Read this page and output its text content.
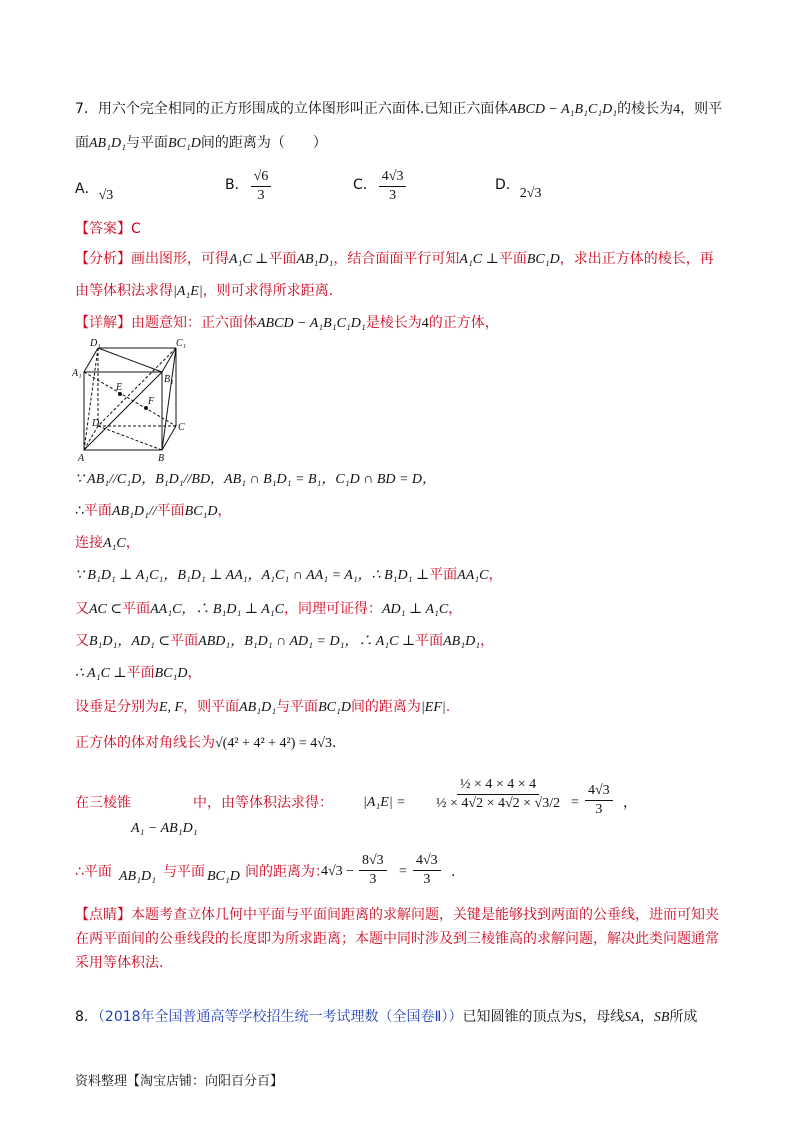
7．用六个完全相同的正方形围成的立体图形叫正六面体.已知正六面体ABCD − A₁B₁C₁D₁的棱长为4，则平
面AB₁D₁与平面BC₁D间的距离为（　　）
A．√3
B． $\frac{√6}{3}$	C． $\frac{4√3}{3}$	D．2√3
【答案】C
【分析】画出图形，可得A₁C ⊥平面AB₁D₁，结合面面平行可知A₁C ⊥平面BC₁D，求出正方体的棱长，再
由等体积法求得|A₁E|，则可求得所求距离.
【详解】由题意知：正六面体ABCD − A₁B₁C₁D₁是棱长为4的正方体，
D₁	C₁
A₁
B₁
E
F
D	C
A	B
∵ AB₁//C₁D，B₁D₁//BD，AB₁ ∩ B₁D₁ = B₁，C₁D ∩ BD = D，
∴平面AB₁D₁//平面BC₁D，
连接A₁C，
∵ B₁D₁ ⊥ A₁C₁，B₁D₁ ⊥ AA₁，A₁C₁ ∩ AA₁ = A₁，∴ B₁D₁ ⊥平面AA₁C，
又AC ⊂平面AA₁C，∴ B₁D₁ ⊥ A₁C，同理可证得：AD₁ ⊥ A₁C，
又B₁D₁，AD₁ ⊂平面ABD₁，B₁D₁ ∩ AD₁ = D₁，∴ A₁C ⊥平面AB₁D₁，
∴ A₁C ⊥平面BC₁D，
设垂足分别为E, F，则平面AB₁D₁与平面BC₁D间的距离为|EF|.
正方体的体对角线长为√(4² + 4² + 4²) = 4√3.
在三棱锥	中，由等体积法求得：
A₁ − AB₁D₁
$|A_1E| = \frac{\text{½ × 4 × 4 × 4}}{\text{½ × 4√2 × 4√2 × √3/2}} = \frac{4√3}{3}$ ，
∴平面 AB₁D₁ 与平面 BC₁D 间的距离为：
$4√3 - \frac{8√3}{3} = \frac{4√3}{3}$ .
【点睛】本题考查立体几何中平面与平面间距离的求解问题，关键是能够找到两面的公垂线，进而可知夹
在两平面间的公垂线段的长度即为所求距离；本题中同时涉及到三棱锥高的求解问题，解决此类问题通常
采用等体积法.
8．（2018年全国普通高等学校招生统一考试理数（全国卷Ⅱ））已知圆锥的顶点为S，母线SA，SB所成
资料整理【淘宝店铺：向阳百分百】
